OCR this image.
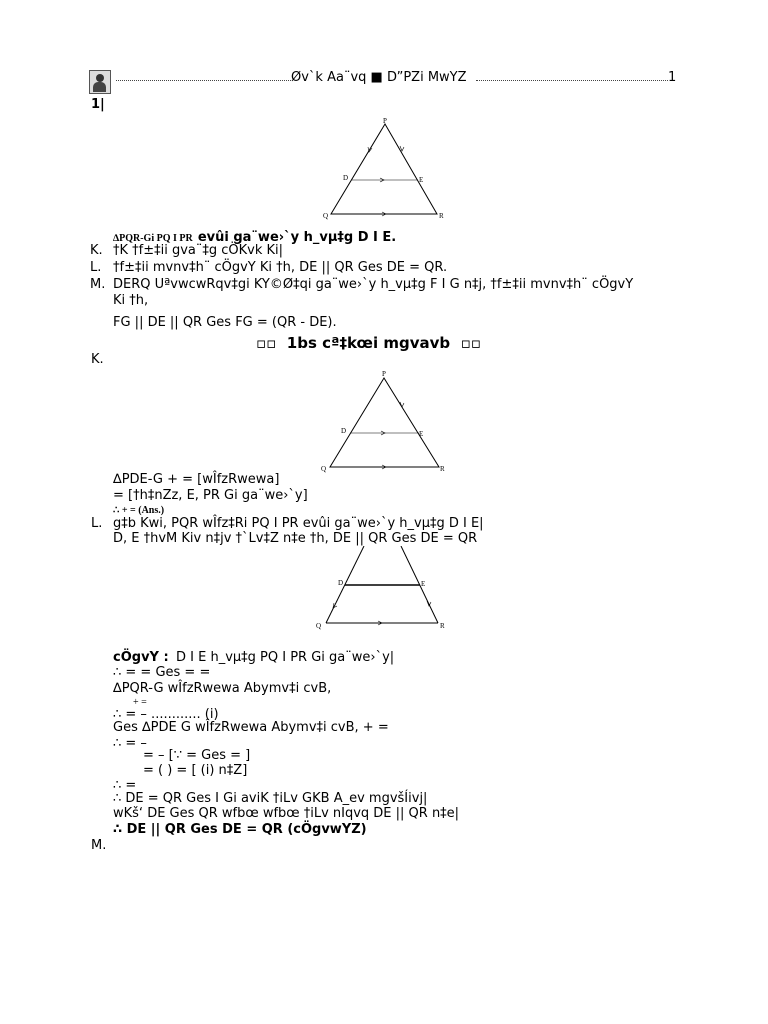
Øv`k Aa¨vq ■ D”PZi MwYZ	1
1|
P
Q	R
D	E
∆PQR-Gi PQ I PR evûi ga¨we›`y h_vµ‡g D I E.
K. †K †f±‡ii gva¨‡g cÖKvk Ki|
L. †f±‡ii mvnv‡h¨ cÖgvY Ki †h, DE || QR Ges DE = QR.
M. DERQ UªvwcwRqv‡gi KY©Ø‡qi ga¨we›`y h_vµ‡g F I G n‡j, †f±‡ii mvnv‡h¨ cÖgvY
Ki †h,
FG || DE || QR Ges FG = (QR - DE).
▫▫ 1bs cª‡kœi mgvavb ▫▫
K.
P
Q	R
D	E
∆PDE-G + = [wÎfzRwewa]
= [†h‡nZz, E, PR Gi ga¨we›`y]
∴ + = (Ans.)
L. g‡b Kwi, PQR wÎfz‡Ri PQ I PR evûi ga¨we›`y h_vµ‡g D I E|
D, E †hvM Kiv n‡jv †`Lv‡Z n‡e †h, DE || QR Ges DE = QR
D	E
Q	R
cÖgvY : D I E h_vµ‡g PQ I PR Gi ga¨we›`y|
∴ = = Ges = =
∆PQR-G wÎfzRwewa Abymv‡i cvB,
+ =
∴ = – ............ (i)
Ges ∆PDE G wÎfzRwewa Abymv‡i cvB, + =
∴ = –
= – [∵ = Ges = ]
= ( ) = [ (i) n‡Z]
∴ =
∴ DE = QR Ges I Gi aviK †iLv GKB A_ev mgvšÍivj|
wKš‘ DE Ges QR wfbœ wfbœ †iLv nIqvq DE || QR n‡e|
∴ DE || QR Ges DE = QR (cÖgvwYZ)
M.
